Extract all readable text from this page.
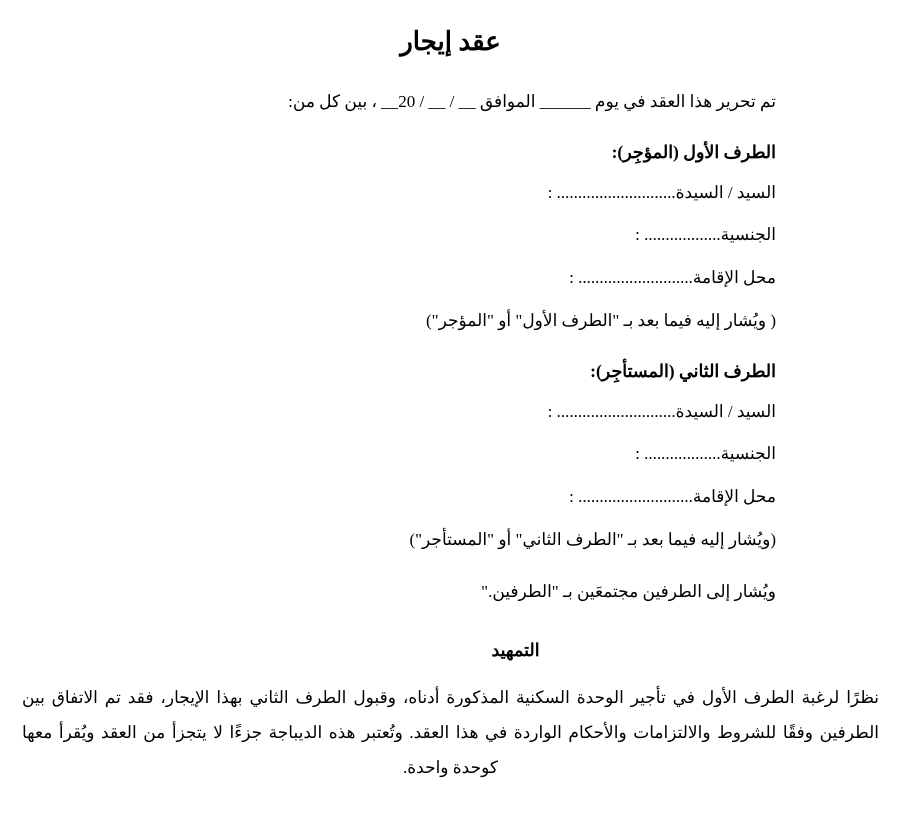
عقد إيجار

تم تحرير هذا العقد في يوم ______ الموافق __ / __ / 20__ ، بين كل من:

الطرف الأول (المؤجِر):

السيد / السيدة............................ :

الجنسية.................. :

محل الإقامة........................... :

( ويُشار إليه فيما بعد بـ "الطرف الأول" أو "المؤجر")

الطرف الثاني (المستأجِر):

السيد / السيدة............................ :

الجنسية.................. :

محل الإقامة........................... :

(ويُشار إليه فيما بعد بـ "الطرف الثاني" أو "المستأجر")

ويُشار إلى الطرفين مجتمعَين بـ "الطرفين."

التمهيد

نظرًا لرغبة الطرف الأول في تأجير الوحدة السكنية المذكورة أدناه، وقبول الطرف الثاني بهذا الإيجار، فقد تم الاتفاق بين الطرفين وفقًا للشروط والالتزامات والأحكام الواردة في هذا العقد. وتُعتبر هذه الديباجة جزءًا لا يتجزأ من العقد ويُقرأ معها كوحدة واحدة.
